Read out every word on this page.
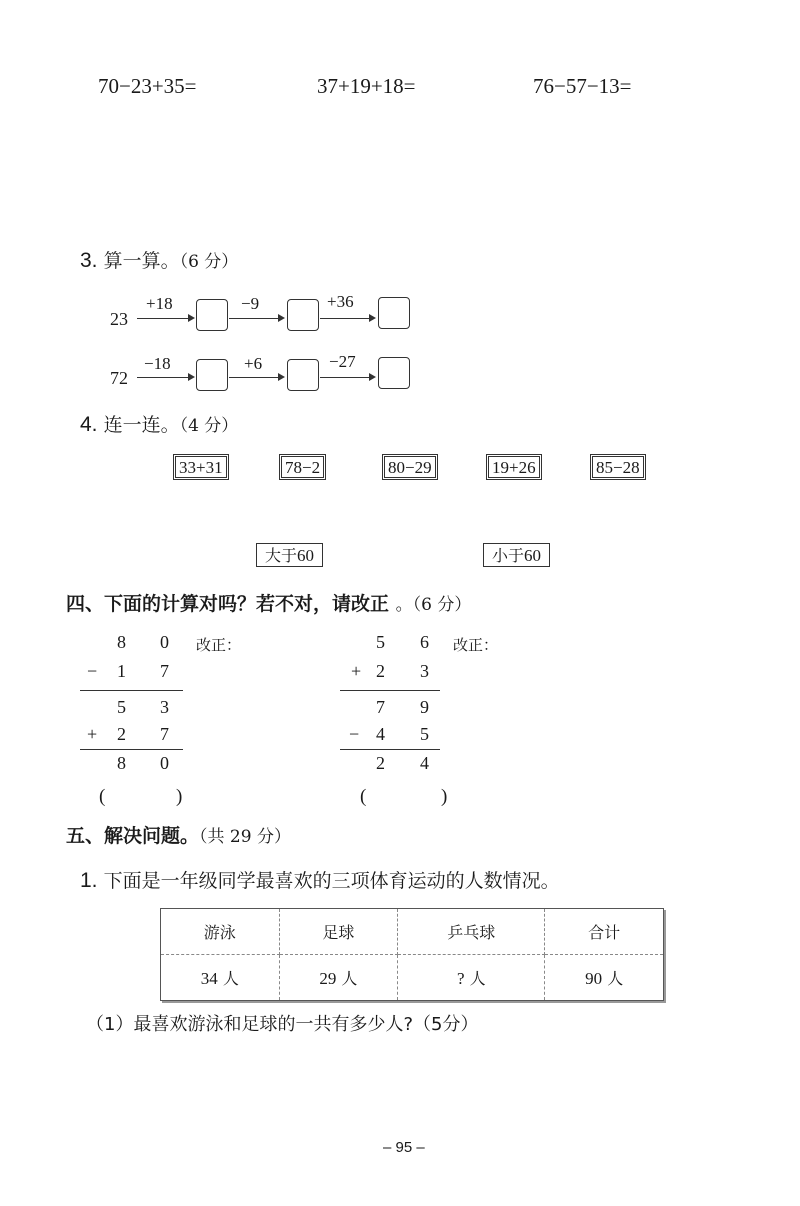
70−23+35=	37+19+18=	76−57−13=
3. 算一算。（6 分）
23
+18	−9	+36
72
−18	+6	−27
4. 连一连。（4 分）
33+31	78−2	80−29	19+26	85−28
大于60	小于60
四、下面的计算对吗？若不对，请改正 。（6 分）
8 0 改正：
− 1 7
5 3
+ 2 7
8 0
(	)
5 6 改正：
+ 2 3
7 9
− 4 5
2 4
(	)
五、解决问题。（共 29 分）
1. 下面是一年级同学最喜欢的三项体育运动的人数情况。
游泳	足球	乒乓球	合计
34 人	29 人	? 人	90 人
（1）最喜欢游泳和足球的一共有多少人?（5分）
– 95 –
